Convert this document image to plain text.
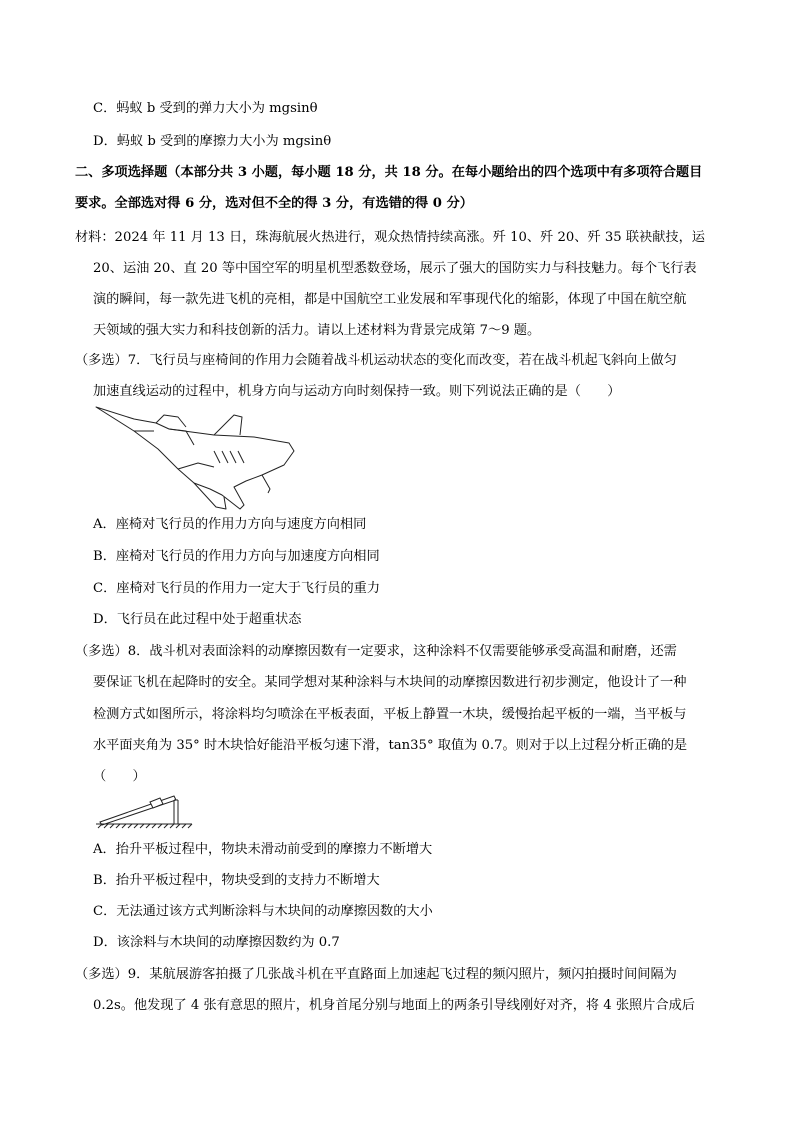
C．蚂蚁 b 受到的弹力大小为 mgsinθ
D．蚂蚁 b 受到的摩擦力大小为 mgsinθ
二、多项选择题（本部分共 3 小题，每小题 18 分，共 18 分。在每小题给出的四个选项中有多项符合题目
要求。全部选对得 6 分，选对但不全的得 3 分，有选错的得 0 分）
材料：2024 年 11 月 13 日，珠海航展火热进行，观众热情持续高涨。歼 10、歼 20、歼 35 联袂献技，运
20、运油 20、直 20 等中国空军的明星机型悉数登场，展示了强大的国防实力与科技魅力。每个飞行表
演的瞬间，每一款先进飞机的亮相，都是中国航空工业发展和军事现代化的缩影，体现了中国在航空航
天领域的强大实力和科技创新的活力。请以上述材料为背景完成第 7～9 题。
（多选）7．飞行员与座椅间的作用力会随着战斗机运动状态的变化而改变，若在战斗机起飞斜向上做匀
加速直线运动的过程中，机身方向与运动方向时刻保持一致。则下列说法正确的是（　　）
A．座椅对飞行员的作用力方向与速度方向相同
B．座椅对飞行员的作用力方向与加速度方向相同
C．座椅对飞行员的作用力一定大于飞行员的重力
D．飞行员在此过程中处于超重状态
（多选）8．战斗机对表面涂料的动摩擦因数有一定要求，这种涂料不仅需要能够承受高温和耐磨，还需
要保证飞机在起降时的安全。某同学想对某种涂料与木块间的动摩擦因数进行初步测定，他设计了一种
检测方式如图所示，将涂料均匀喷涂在平板表面，平板上静置一木块，缓慢抬起平板的一端，当平板与
水平面夹角为 35° 时木块恰好能沿平板匀速下滑，tan35° 取值为 0.7。则对于以上过程分析正确的是
（　　）
A．抬升平板过程中，物块未滑动前受到的摩擦力不断增大
B．抬升平板过程中，物块受到的支持力不断增大
C．无法通过该方式判断涂料与木块间的动摩擦因数的大小
D．该涂料与木块间的动摩擦因数约为 0.7
（多选）9．某航展游客拍摄了几张战斗机在平直路面上加速起飞过程的频闪照片，频闪拍摄时间间隔为
0.2s。他发现了 4 张有意思的照片，机身首尾分别与地面上的两条引导线刚好对齐，将 4 张照片合成后
